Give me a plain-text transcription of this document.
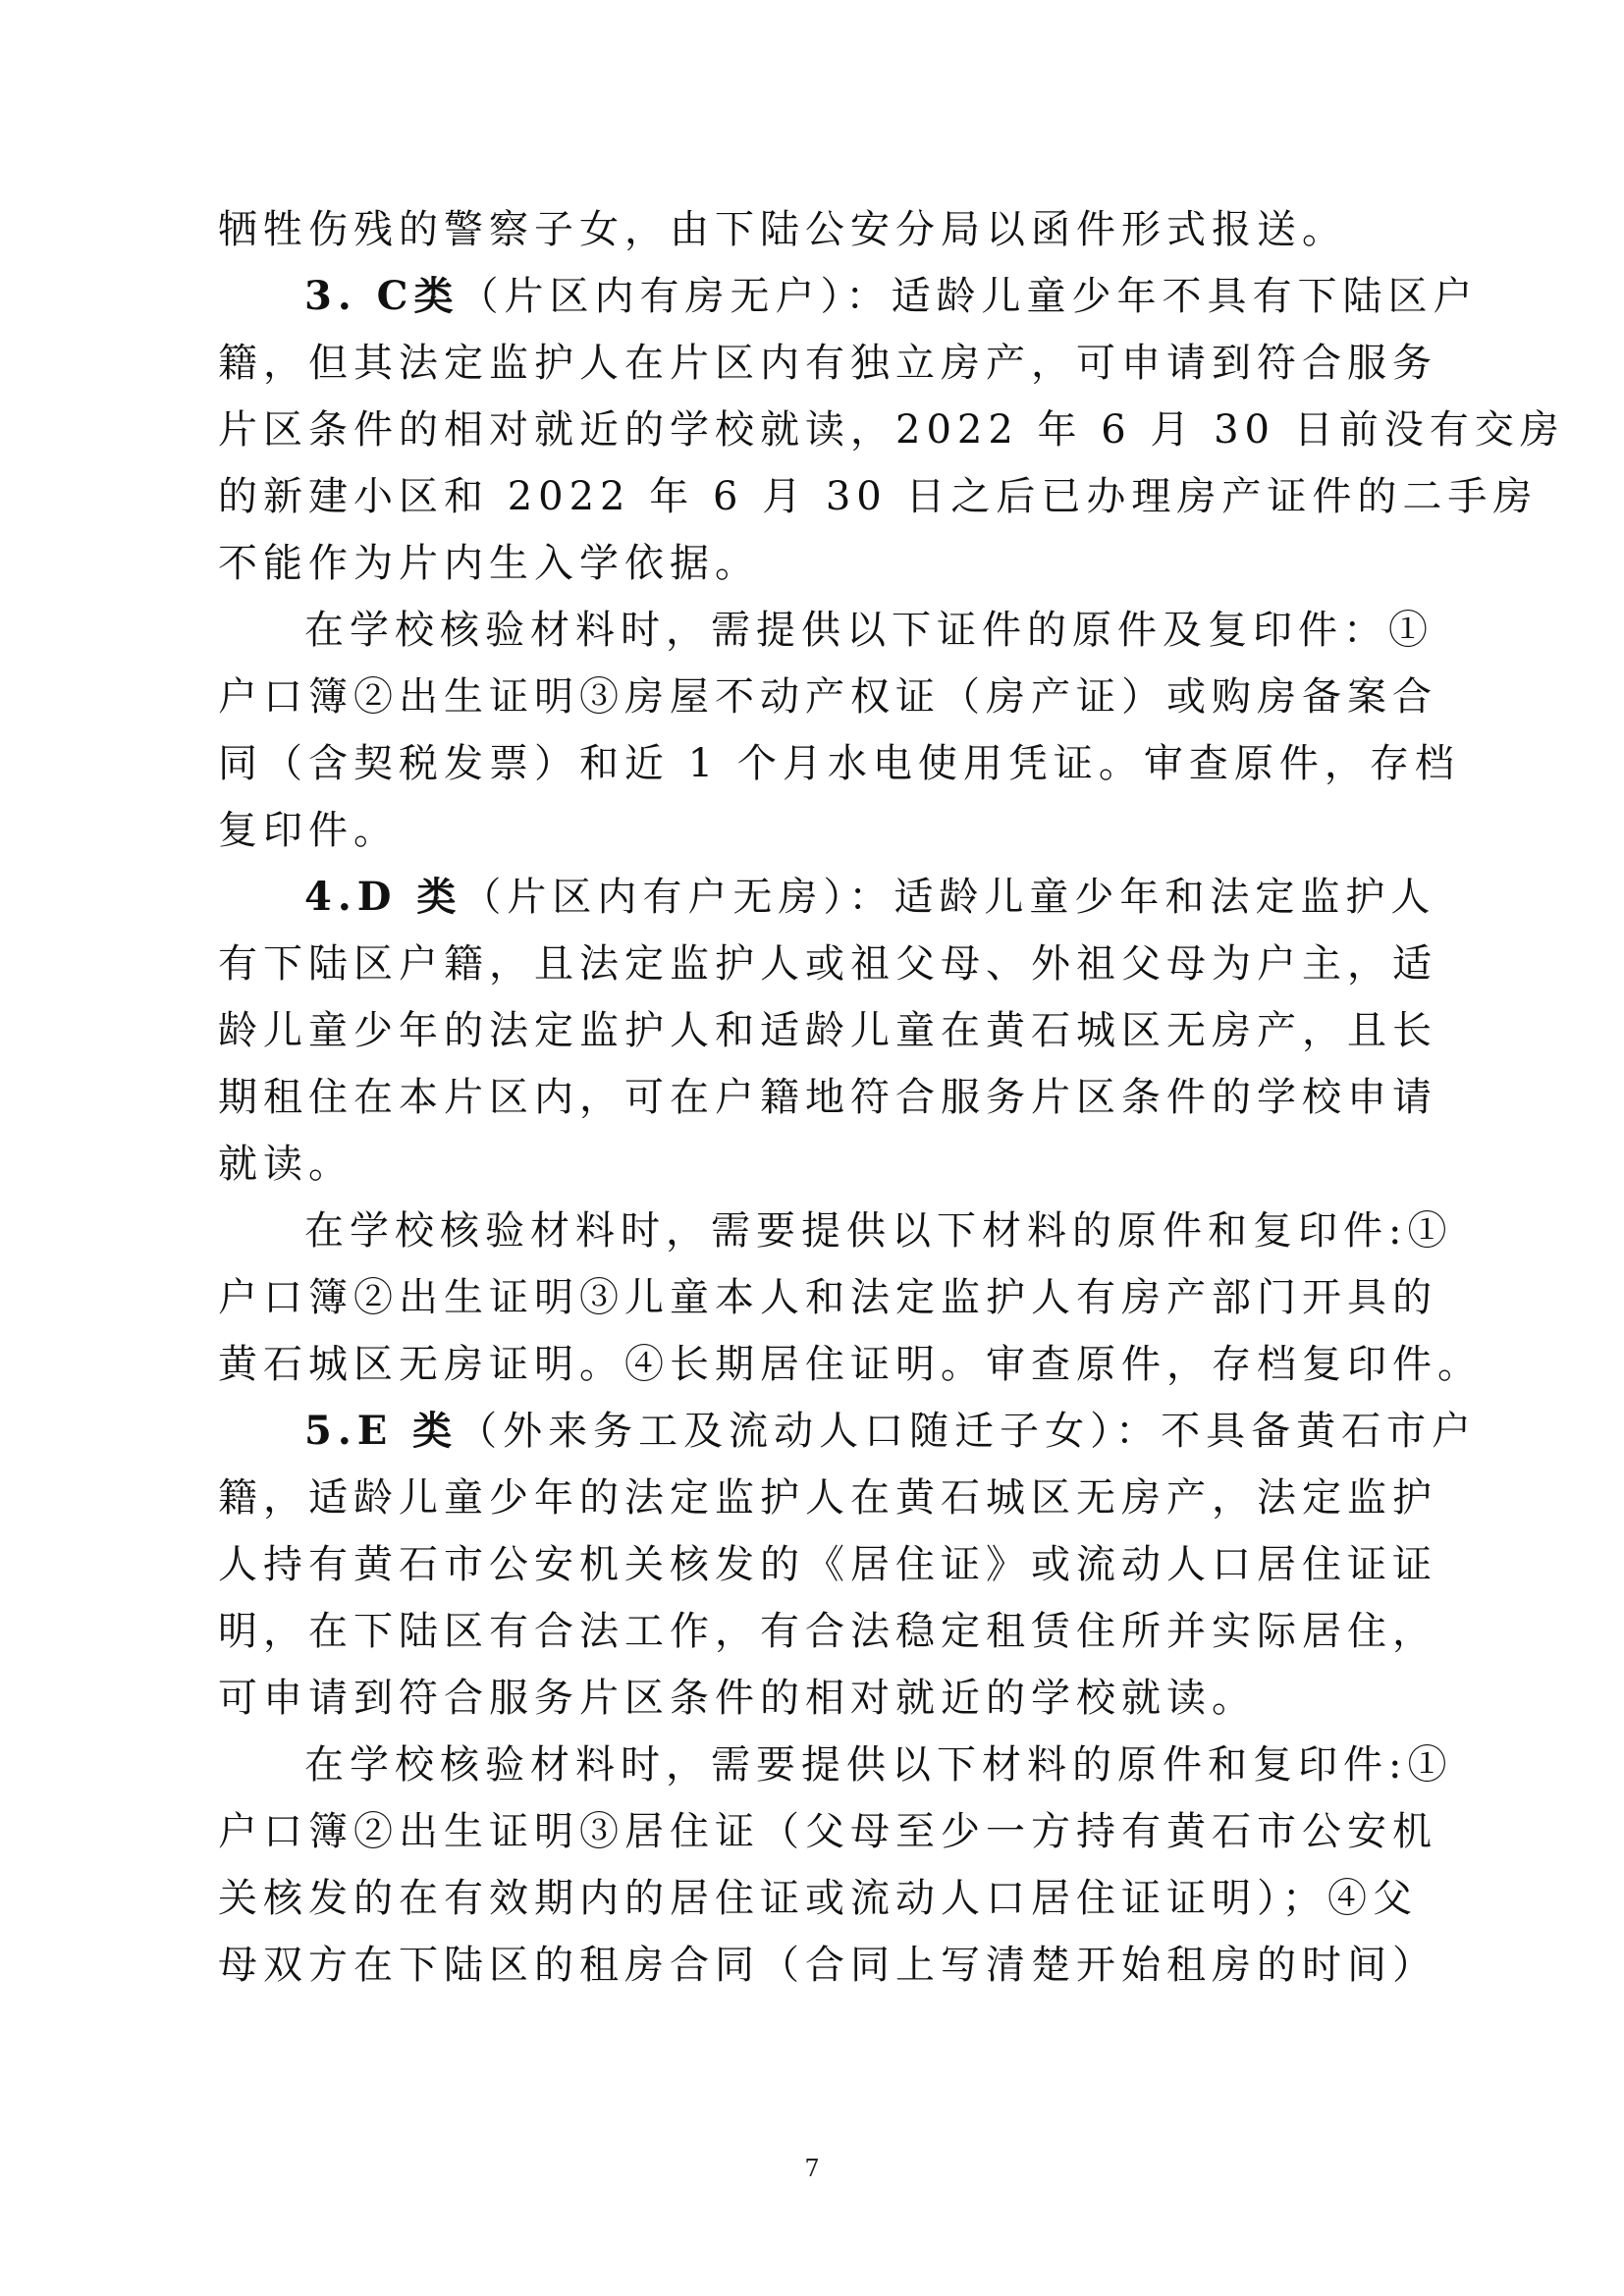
牺牲伤残的警察子女，由下陆公安分局以函件形式报送。
3. C类（片区内有房无户）：适龄儿童少年不具有下陆区户
籍，但其法定监护人在片区内有独立房产，可申请到符合服务
片区条件的相对就近的学校就读，2022 年 6 月 30 日前没有交房
的新建小区和 2022 年 6 月 30 日之后已办理房产证件的二手房
不能作为片内生入学依据。
在学校核验材料时，需提供以下证件的原件及复印件：①
户口簿②出生证明③房屋不动产权证（房产证）或购房备案合
同（含契税发票）和近 1 个月水电使用凭证。审查原件，存档
复印件。
4.D 类（片区内有户无房）：适龄儿童少年和法定监护人
有下陆区户籍，且法定监护人或祖父母、外祖父母为户主，适
龄儿童少年的法定监护人和适龄儿童在黄石城区无房产，且长
期租住在本片区内，可在户籍地符合服务片区条件的学校申请
就读。
在学校核验材料时，需要提供以下材料的原件和复印件:①
户口簿②出生证明③儿童本人和法定监护人有房产部门开具的
黄石城区无房证明。④长期居住证明。审查原件，存档复印件。
5.E 类（外来务工及流动人口随迁子女）：不具备黄石市户
籍，适龄儿童少年的法定监护人在黄石城区无房产，法定监护
人持有黄石市公安机关核发的《居住证》或流动人口居住证证
明，在下陆区有合法工作，有合法稳定租赁住所并实际居住，
可申请到符合服务片区条件的相对就近的学校就读。
在学校核验材料时，需要提供以下材料的原件和复印件:①
户口簿②出生证明③居住证（父母至少一方持有黄石市公安机
关核发的在有效期内的居住证或流动人口居住证证明）；④父
母双方在下陆区的租房合同（合同上写清楚开始租房的时间）
7
